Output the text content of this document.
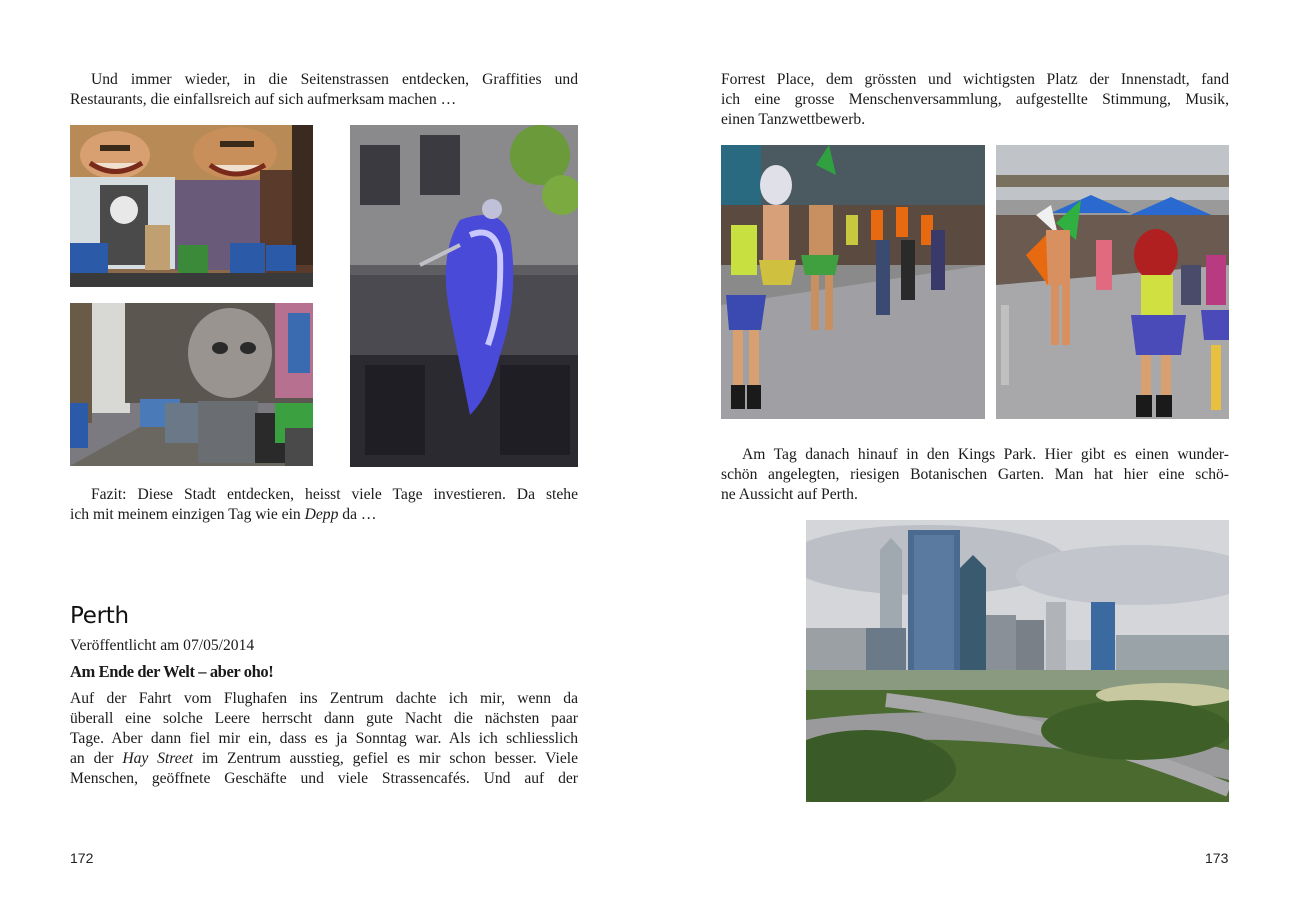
Und immer wieder, in die Seitenstrassen entdecken, Graffities und
Restaurants, die einfallsreich auf sich aufmerksam machen …
Fazit: Diese Stadt entdecken, heisst viele Tage investieren. Da stehe
ich mit meinem einzigen Tag wie ein Depp da …
Perth

Veröffentlicht am 07/05/2014

Am Ende der Welt – aber oho!

Auf der Fahrt vom Flughafen ins Zentrum dachte ich mir, wenn da
überall eine solche Leere herrscht dann gute Nacht die nächsten paar
Tage. Aber dann fiel mir ein, dass es ja Sonntag war. Als ich schliesslich
an der Hay Street im Zentrum ausstieg, gefiel es mir schon besser. Viele
Menschen, geöffnete Geschäfte und viele Strassencafés. Und auf der

172

Forrest Place, dem grössten und wichtigsten Platz der Innenstadt, fand
ich eine grosse Menschenversammlung, aufgestellte Stimmung, Musik,
einen Tanzwettbewerb.
Am Tag danach hinauf in den Kings Park. Hier gibt es einen wunder-
schön angelegten, riesigen Botanischen Garten. Man hat hier eine schö-
ne Aussicht auf Perth.

173
